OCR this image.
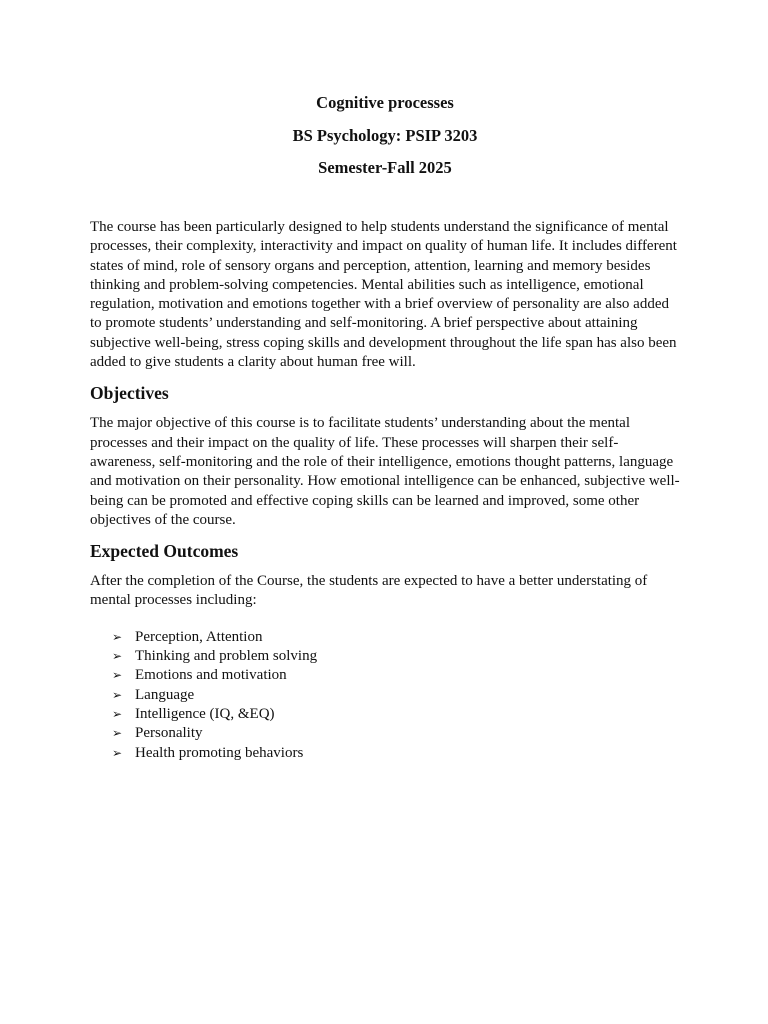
Cognitive processes
BS Psychology: PSIP 3203
Semester-Fall 2025

The course has been particularly designed to help students understand the significance of mental processes, their complexity, interactivity and impact on quality of human life. It includes different states of mind, role of sensory organs and perception, attention, learning and memory besides thinking and problem-solving competencies. Mental abilities such as intelligence, emotional regulation, motivation and emotions together with a brief overview of personality are also added to promote students’ understanding and self-monitoring. A brief perspective about attaining subjective well-being, stress coping skills and development throughout the life span has also been added to give students a clarity about human free will.

Objectives

The major objective of this course is to facilitate students’ understanding about the mental processes and their impact on the quality of life. These processes will sharpen their self-awareness, self-monitoring and the role of their intelligence, emotions thought patterns, language and motivation on their personality. How emotional intelligence can be enhanced, subjective well-being can be promoted and effective coping skills can be learned and improved, some other objectives of the course.

Expected Outcomes

After the completion of the Course, the students are expected to have a better understating of mental processes including:

➢ Perception, Attention
➢ Thinking and problem solving
➢ Emotions and motivation
➢ Language
➢ Intelligence (IQ, &EQ)
➢ Personality
➢ Health promoting behaviors
